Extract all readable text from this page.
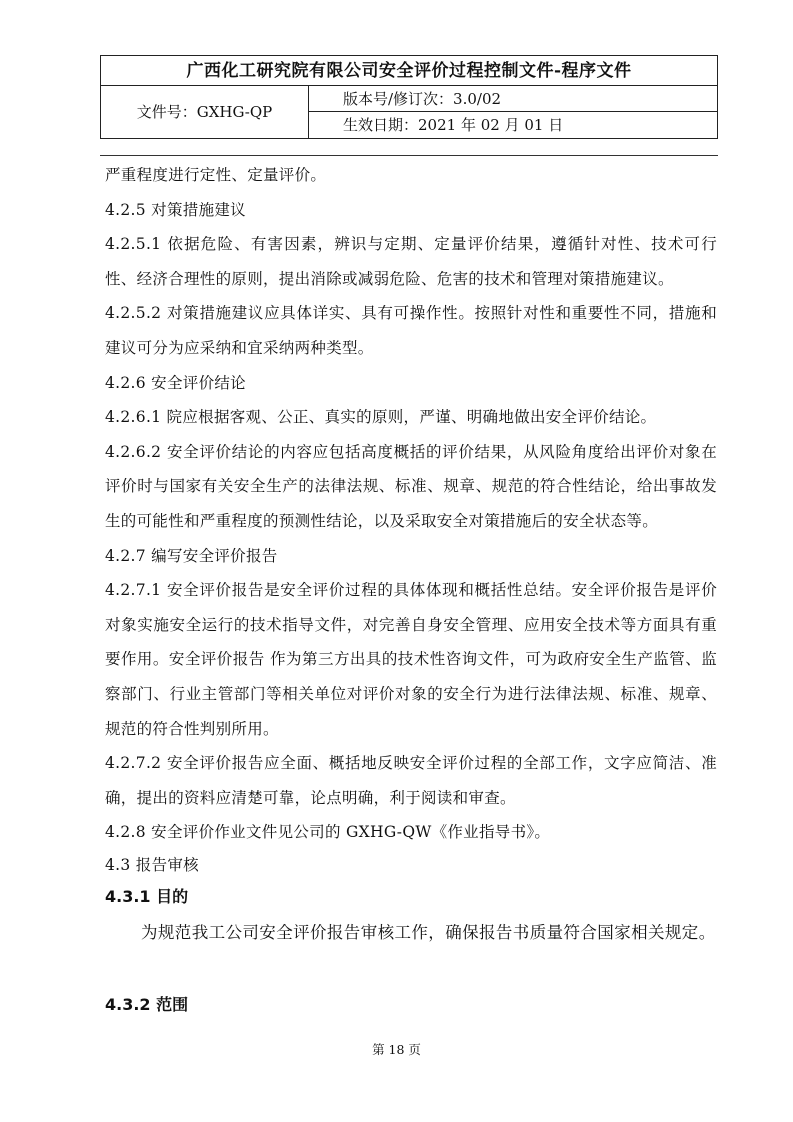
广西化工研究院有限公司安全评价过程控制文件-程序文件
文件号：GXHG-QP
版本号/修订次：3.0/02
生效日期：2021 年 02 月 01 日

严重程度进行定性、定量评价。

4.2.5 对策措施建议

4.2.5.1 依据危险、有害因素，辨识与定期、定量评价结果，遵循针对性、技术可行性、经济合理性的原则，提出消除或减弱危险、危害的技术和管理对策措施建议。

4.2.5.2 对策措施建议应具体详实、具有可操作性。按照针对性和重要性不同，措施和建议可分为应采纳和宜采纳两种类型。

4.2.6 安全评价结论

4.2.6.1 院应根据客观、公正、真实的原则，严谨、明确地做出安全评价结论。

4.2.6.2 安全评价结论的内容应包括高度概括的评价结果，从风险角度给出评价对象在评价时与国家有关安全生产的法律法规、标准、规章、规范的符合性结论，给出事故发生的可能性和严重程度的预测性结论，以及采取安全对策措施后的安全状态等。

4.2.7 编写安全评价报告

4.2.7.1 安全评价报告是安全评价过程的具体体现和概括性总结。安全评价报告是评价对象实施安全运行的技术指导文件，对完善自身安全管理、应用安全技术等方面具有重要作用。安全评价报告 作为第三方出具的技术性咨询文件，可为政府安全生产监管、监察部门、行业主管部门等相关单位对评价对象的安全行为进行法律法规、标准、规章、规范的符合性判别所用。

4.2.7.2 安全评价报告应全面、概括地反映安全评价过程的全部工作，文字应简洁、准确，提出的资料应清楚可靠，论点明确，利于阅读和审查。

4.2.8 安全评价作业文件见公司的 GXHG-QW《作业指导书》。

4.3 报告审核

4.3.1 目的

为规范我工公司安全评价报告审核工作，确保报告书质量符合国家相关规定。

4.3.2 范围

第 18 页
